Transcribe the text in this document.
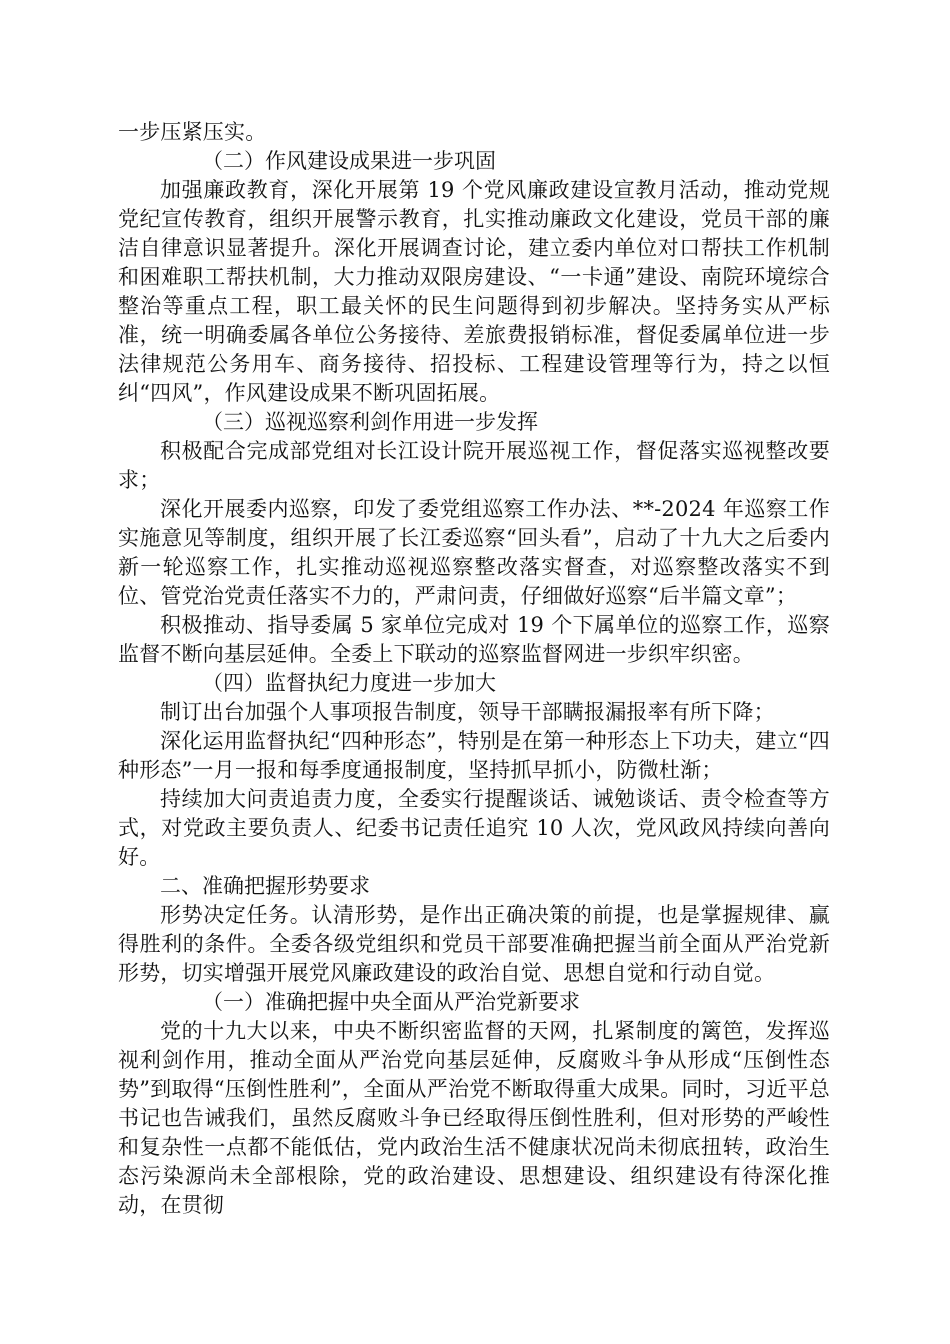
一步压紧压实。

（二）作风建设成果进一步巩固

加强廉政教育，深化开展第 19 个党风廉政建设宣教月活动，推动党规党纪宣传教育，组织开展警示教育，扎实推动廉政文化建设，党员干部的廉洁自律意识显著提升。深化开展调查讨论，建立委内单位对口帮扶工作机制和困难职工帮扶机制，大力推动双限房建设、“一卡通”建设、南院环境综合整治等重点工程，职工最关怀的民生问题得到初步解决。坚持务实从严标准，统一明确委属各单位公务接待、差旅费报销标准，督促委属单位进一步法律规范公务用车、商务接待、招投标、工程建设管理等行为，持之以恒纠“四风”，作风建设成果不断巩固拓展。

（三）巡视巡察利剑作用进一步发挥

积极配合完成部党组对长江设计院开展巡视工作，督促落实巡视整改要求；

深化开展委内巡察，印发了委党组巡察工作办法、**-2024 年巡察工作实施意见等制度，组织开展了长江委巡察“回头看”，启动了十九大之后委内新一轮巡察工作，扎实推动巡视巡察整改落实督查，对巡察整改落实不到位、管党治党责任落实不力的，严肃问责，仔细做好巡察“后半篇文章”；

积极推动、指导委属 5 家单位完成对 19 个下属单位的巡察工作，巡察监督不断向基层延伸。全委上下联动的巡察监督网进一步织牢织密。

（四）监督执纪力度进一步加大

制订出台加强个人事项报告制度，领导干部瞒报漏报率有所下降；

深化运用监督执纪“四种形态”，特别是在第一种形态上下功夫，建立“四种形态”一月一报和每季度通报制度，坚持抓早抓小，防微杜渐；

持续加大问责追责力度，全委实行提醒谈话、诫勉谈话、责令检查等方式，对党政主要负责人、纪委书记责任追究 10 人次，党风政风持续向善向好。

二、准确把握形势要求

形势决定任务。认清形势，是作出正确决策的前提，也是掌握规律、赢得胜利的条件。全委各级党组织和党员干部要准确把握当前全面从严治党新形势，切实增强开展党风廉政建设的政治自觉、思想自觉和行动自觉。

（一）准确把握中央全面从严治党新要求

党的十九大以来，中央不断织密监督的天网，扎紧制度的篱笆，发挥巡视利剑作用，推动全面从严治党向基层延伸，反腐败斗争从形成“压倒性态势”到取得“压倒性胜利”，全面从严治党不断取得重大成果。同时，习近平总书记也告诫我们，虽然反腐败斗争已经取得压倒性胜利，但对形势的严峻性和复杂性一点都不能低估，党内政治生活不健康状况尚未彻底扭转，政治生态污染源尚未全部根除，党的政治建设、思想建设、组织建设有待深化推动，在贯彻
